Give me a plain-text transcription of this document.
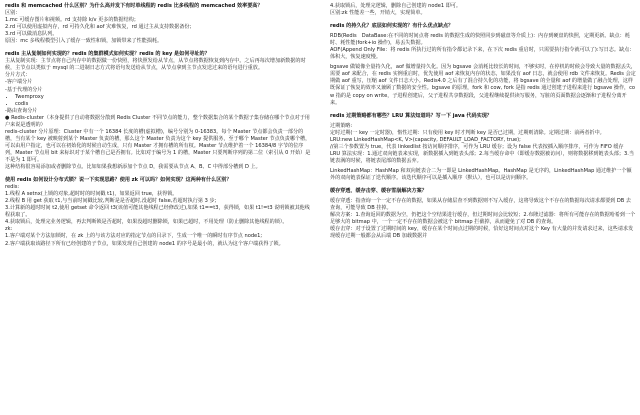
redis 和 memcached 什么区别？为什么高并发下有时单线程的 redis 比多线程的 memcached 效率要高？

区别：

1.mc 可缓存图片和视频。rd 支持除 k/v 更多的数据结构；

2.rd 可以使用虚拟内存，rd 可持久化和 aof 灾难恢复，rd 通过主从支持数据备份；

3.rd 可以做消息队列。

原因：mc 多线程模型引入了缓存一致性和锁，加锁带来了性能损耗。

redis 主从复制如何实现的？redis 的集群模式如何实现？redis 的 key 是如何寻址的？

主从复制实现：主节点将自己内存中的数据做一份快照，将快照发给从节点，从节点将数据恢复到内存中。之后再每次增加新数据的时候，主节点以类似于 mysql 的二进制日志方式将语句发送给从节点，从节点拿到主节点发送过来的语句进行重放。

分片方式：

-客户端分片

-基于代理的分片

• Twemproxy
• codis

-路由查询分片

● Redis-cluster（本身提供了自动将数据分散到 Redis Cluster 不同节点的能力，整个数据集合的某个数据子集存储在哪个节点对于用户来说是透明的）

redis-cluster 分片原理：Cluster 中有一个 16384 长度的槽(虚拟槽)，编号分别为 0-16383。每个 Master 节点都会负责一部分的槽，当有某个 key 被映射到某个 Master 负责的槽，那么这个 Master 负责为这个 key 提供服务，至于哪个 Master 节点负责哪个槽，可以由用户指定，也可以在初始化的时候自动生成，只有 Master 才拥有槽的所有权。Master 节点维护着一个 16384/8 字节的位序列，Master 节点用 bit 来标识对于某个槽自己是否拥有。比如对于编号为 1 的槽，Master 只要判断序列的第二位（索引从 0 开始）是不是为 1 即可。

这种结构很容易添加或者删除节点。比如如果我想新添加个节点 D，我需要从节点 A、B、C 中得部分槽到 D 上。

使用 redis 如何设计分布式锁？说一下实现思路？使用 zk 可以吗？如何实现？这两种有什么区别？

redis:

1.线程 A setnx(上锁的对象,超时时的时间戳 t1)，如果返回 true，获得锁。

2.线程 B 用 get 获取 t1,与当前时间戳比较,判断是是否超时,没超时 false,若超时执行第 3 步;

3.计算新的超时时间 t2,使用 getset 命令返回 t3(该值可能其他线程已经修改过),如果 t1==t3，获得锁，如果 t1!=t3 说明锁被其他线程获取了。

4.获取锁后，处理完业务逻辑，再去判断锁是否超时，如果没超时删除锁，如果已超时，不用处理（防止删除其他线程的锁）。

zk:

1.客户端对某个方法加锁时，在 zk 上的与该方法对应的指定节点的目录下，生成一个唯一的瞬时有序节点 node1;

2.客户端获取该路径下所有已经创建的子节点，如果发现自己创建的 node1 的序号是最小的，就认为这个客户端获得了锁。

4.获取锁后，处理完逻辑，删除自己创建的 node1 即可。

区别:zk 性能差一些，开销大，实现简单。

redis 的持久化？底层如何实现的？有什么优点缺点？

RDB(Redis　DataBase:在不同的时间点将 redis 的数据生成的快照同步到磁盘等介质上)：内存到硬盘的快照，定期更新。缺点：耗时、耗性能(fork+io 操作)，易丢失数据。

AOF(Append Only File：将 redis 所执行过的所有指令都记录下来，在下次 redis 重启时，只需要执行指令就可以了):写日志。缺点：体积大，恢复速度慢。

bgsave 做镜像全量持久化，aof 做增量持久化。因为 bgsave 会消耗比较长的时间，不够实时，在停机的时候会导致大量的数据丢失，需要 aof 来配合，在 redis 实例重启时，优先使用 aof 来恢复内存的状态，如果没有 aof 日志，就会使用 rdb 文件来恢复。Redis 会定期做 aof 重写，压缩 aof 文件日志大小。Redis4.0 之后有了混合持久化的功能，将 bgsave 的全量和 aof 的增量做了融合处理，这样既保证了恢复的效率又兼顾了数据的安全性。bgsave 的原理，fork 和 cow, fork 是指 redis 通过创建子进程来进行 bgsave 操作，cow 指的是 copy on write，子进程创建后，父子进程共享数据段，父进程继续提供读写服务，写脏的页面数据会逐渐和子进程分离开来。

redis 过期策略都有哪些？LRU 算法知道吗？写一下 java 代码实现？

过期策略:

定时过期(一 key 一定时器)，惰性过期：只有使用 key 时才判断 key 是否已过期，过期则清除。定期过期：前两者折中。

LRU:new LinkedHashMap<K, V>(capacity, DEFAULT_LOAD_FACTORY, true);

//第三个参数置为 true，代表 linkedlist 按访问顺序排序，可作为 LRU 缓存；设为 false 代表按插入顺序排序，可作为 FIFO 缓存

LRU 算法实现：1.通过双向链表来实现，新数据插入到链表头部；2.每当缓存命中（即缓存数据被访问），则将数据移到链表头部；3.当链表满的时候，将链表尾部的数据丢弃。

LinkedHashMap：HashMap 和双向链表合二为一即是 LinkedHashMap。HashMap 是无序的，LinkedHashMap 通过维护一个额外的双向链表保证了迭代顺序。该迭代顺序可以是插入顺序（默认），也可以是访问顺序。

缓存穿透、缓存击穿、缓存雪崩解决方案？

缓存穿透：指查询一个一定不存在的数据，如果从存储层查不到数据则不写入缓存，这将导致这个不存在的数据每次请求都要到 DB 去查询，可能导致 DB 挂掉。

解决方案：1.查询返回的数据为空，仍把这个空结果进行缓存，但过期时间会比较短；2.布隆过滤器：将所有可能存在的数据哈希到一个足够大的 bitmap 中，一个一定不存在的数据会被这个 bitmap 拦截掉，从而避免了对 DB 的查询。

缓存击穿：对于设置了过期时间的 key，缓存在某个时间点过期的时候，恰好这时间点对这个 Key 有大量的并发请求过来，这些请求发现缓存过期一般都会从后端 DB 加载数据并
